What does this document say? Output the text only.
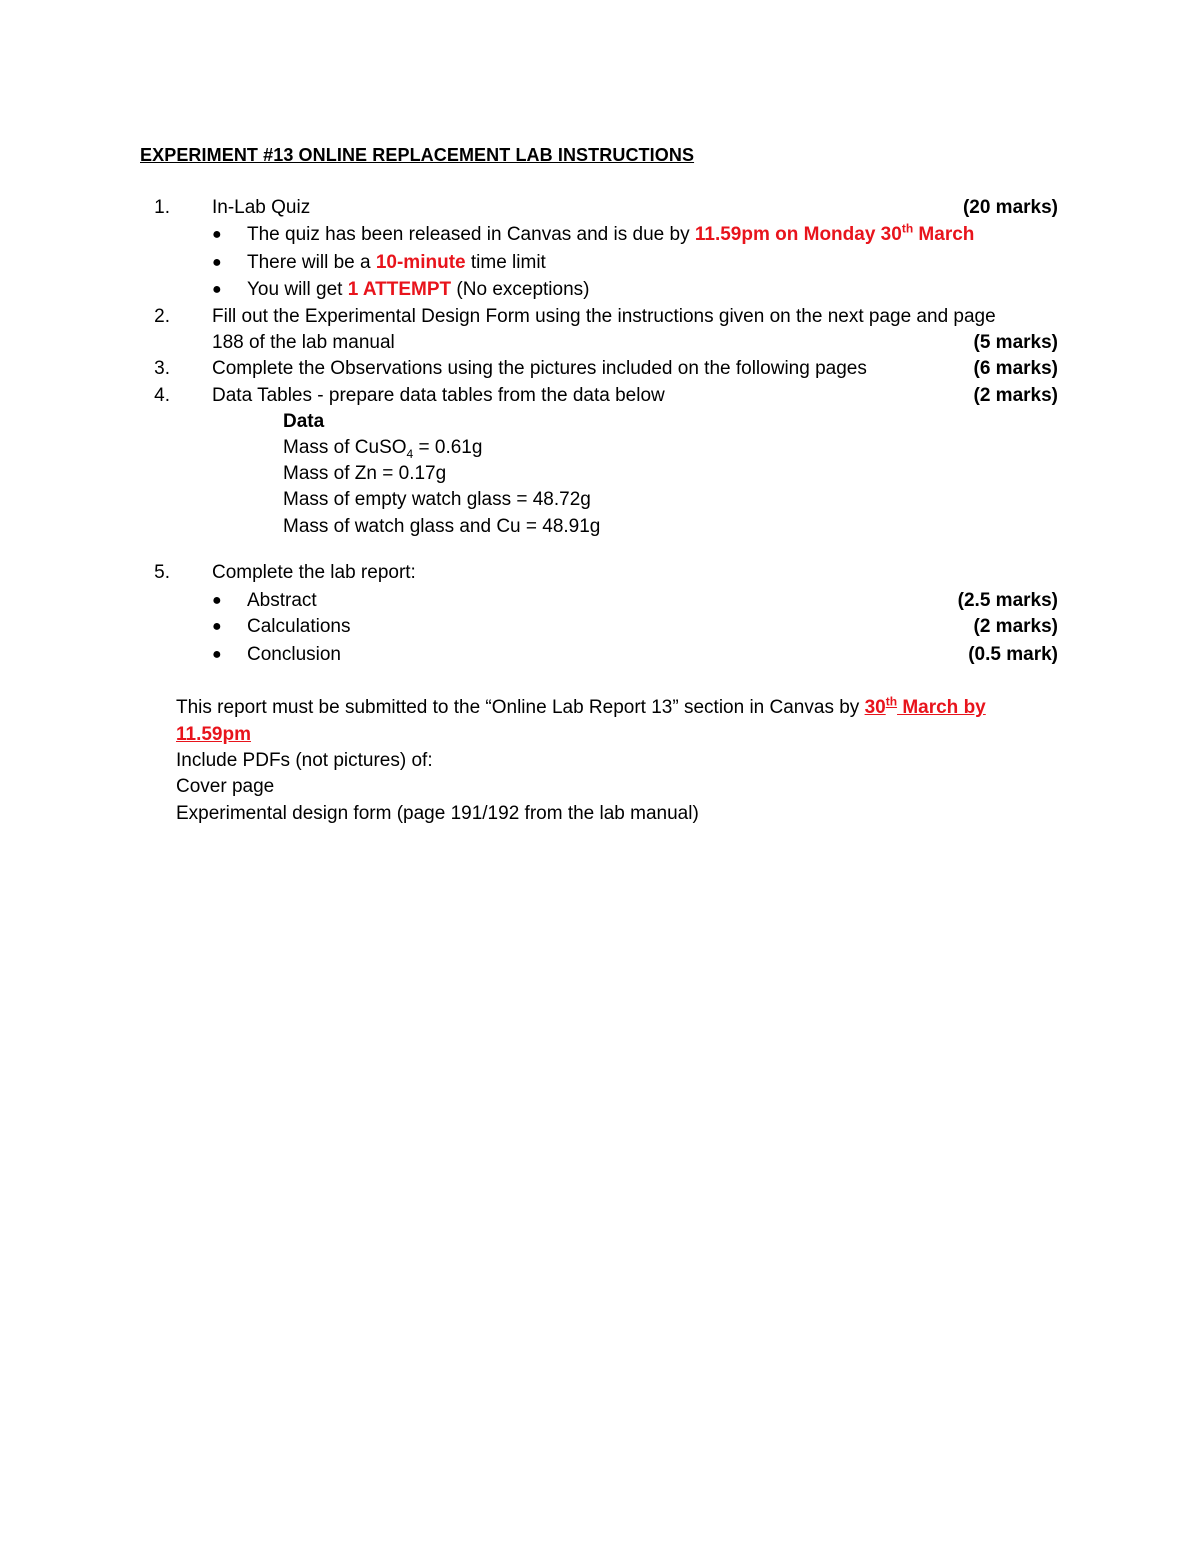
EXPERIMENT #13 ONLINE REPLACEMENT LAB INSTRUCTIONS
1. In-Lab Quiz	(20 marks)
● The quiz has been released in Canvas and is due by 11.59pm on Monday 30th March
● There will be a 10-minute time limit
● You will get 1 ATTEMPT (No exceptions)
2. Fill out the Experimental Design Form using the instructions given on the next page and page
188 of the lab manual	(5 marks)
3. Complete the Observations using the pictures included on the following pages	(6 marks)
4. Data Tables - prepare data tables from the data below	(2 marks)
Data
Mass of CuSO$_4$ = 0.61g
Mass of Zn = 0.17g
Mass of empty watch glass = 48.72g
Mass of watch glass and Cu = 48.91g
5. Complete the lab report:
● Abstract	(2.5 marks)
● Calculations	(2 marks)
● Conclusion	(0.5 mark)
This report must be submitted to the “Online Lab Report 13” section in Canvas by 30th March by
11.59pm
Include PDFs (not pictures) of:
Cover page
Experimental design form (page 191/192 from the lab manual)
